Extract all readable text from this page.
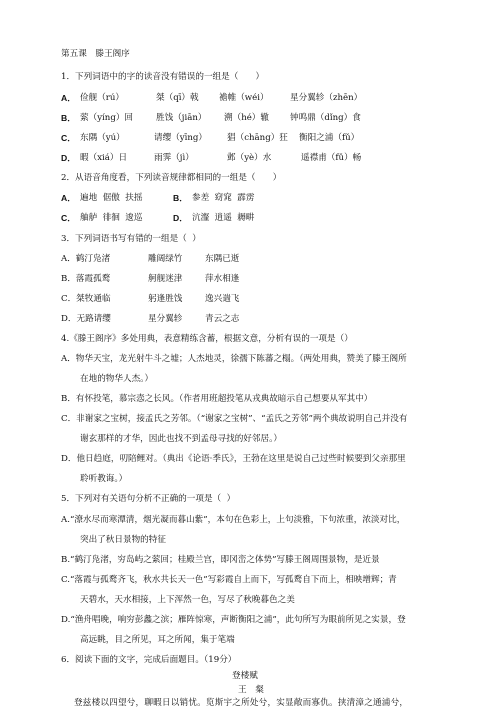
第五课　滕王阁序
1．下列词语中的字的读音没有错误的一组是（　　）
A． 俭舰（rú）	桀（qī）戟 襜帷（wéi） 星分翼轸（zhēn）
B． 萦（yíng）回	胜饯（jiān） 溯（hé）辙 钟鸣鼎（dǐng）食
C． 东隅（yú）	请缨（yīng） 猖（chāng）狂 衡阳之浦（fǔ）
D． 暇（xiá）日	雨霁（jì）	邺（yè）水	遥襟甫（fǔ）畅
2．从语音角度看，下列读音规律都相同的一组是（　　）
A． 遍地  倨傲  扶摇	B． 参差  窈窕  霹雳
C． 舳舻  徘徊  逡巡	D． 沆瀣  逍遥  耨畊
3．下列词语书写有错的一组是（  ）
A．鹤汀凫渚	雕阔绿竹	东隅已逝
B．落霞孤鹜	舸舰迷津	萍水相逢
C．桀牧通临	躬逢胜饯	逸兴遄飞
D．无路请缨	星分翼轸	青云之志
4.《滕王阁序》多处用典，表意精练含蓄，根据文意，分析有误的一项是（）
A．物华天宝，龙光射牛斗之墟；人杰地灵，徐孺下陈蕃之榻。（两处用典，赞美了滕王阁所
在地的物华人杰。）
B．有怀投笔，慕宗悫之长风。（作者用班超投笔从戎典故暗示自己想要从军其中）
C．非谢家之宝树，接孟氏之芳邻。（“谢家之宝树”、“孟氏之芳邻”两个典故说明自己并没有
谢玄那样的才华，因此也找不到孟母寻找的好邻居。）
D．他日趋庭，叨陪鲤对。（典出《论语·季氏》，王勃在这里是说自己过些时候要到父亲那里
聆听教诲。）
5．下列对有关语句分析不正确的一项是（  ）
A.“潦水尽而寒潭清，烟光凝而暮山紫”，本句在色彩上，上句淡雅，下句浓重，浓淡对比，
突出了秋日景物的特征
B.“鹤汀凫渚，穷岛屿之萦回；桂殿兰宫，即冈峦之体势”写滕王阁周围景物，是近景
C.“落霞与孤鹜齐飞，秋水共长天一色”写彩霞自上而下，写孤鹜自下而上，相映增辉；青
天碧水，天水相接，上下浑然一色，写尽了秋晚暮色之美
D.“渔舟唱晚，响穷彭蠡之滨；雁阵惊寒，声断衡阳之浦”，此句所写为眼前所见之实景，登
高远眺，目之所见，耳之所闻，集于笔端
6．阅读下面的文字，完成后面题目。（19分）
登楼赋
王　粲
登兹楼以四望兮，聊暇日以销忧。览斯宇之所处兮，实显敞而寡仇。挟清漳之通浦兮，
